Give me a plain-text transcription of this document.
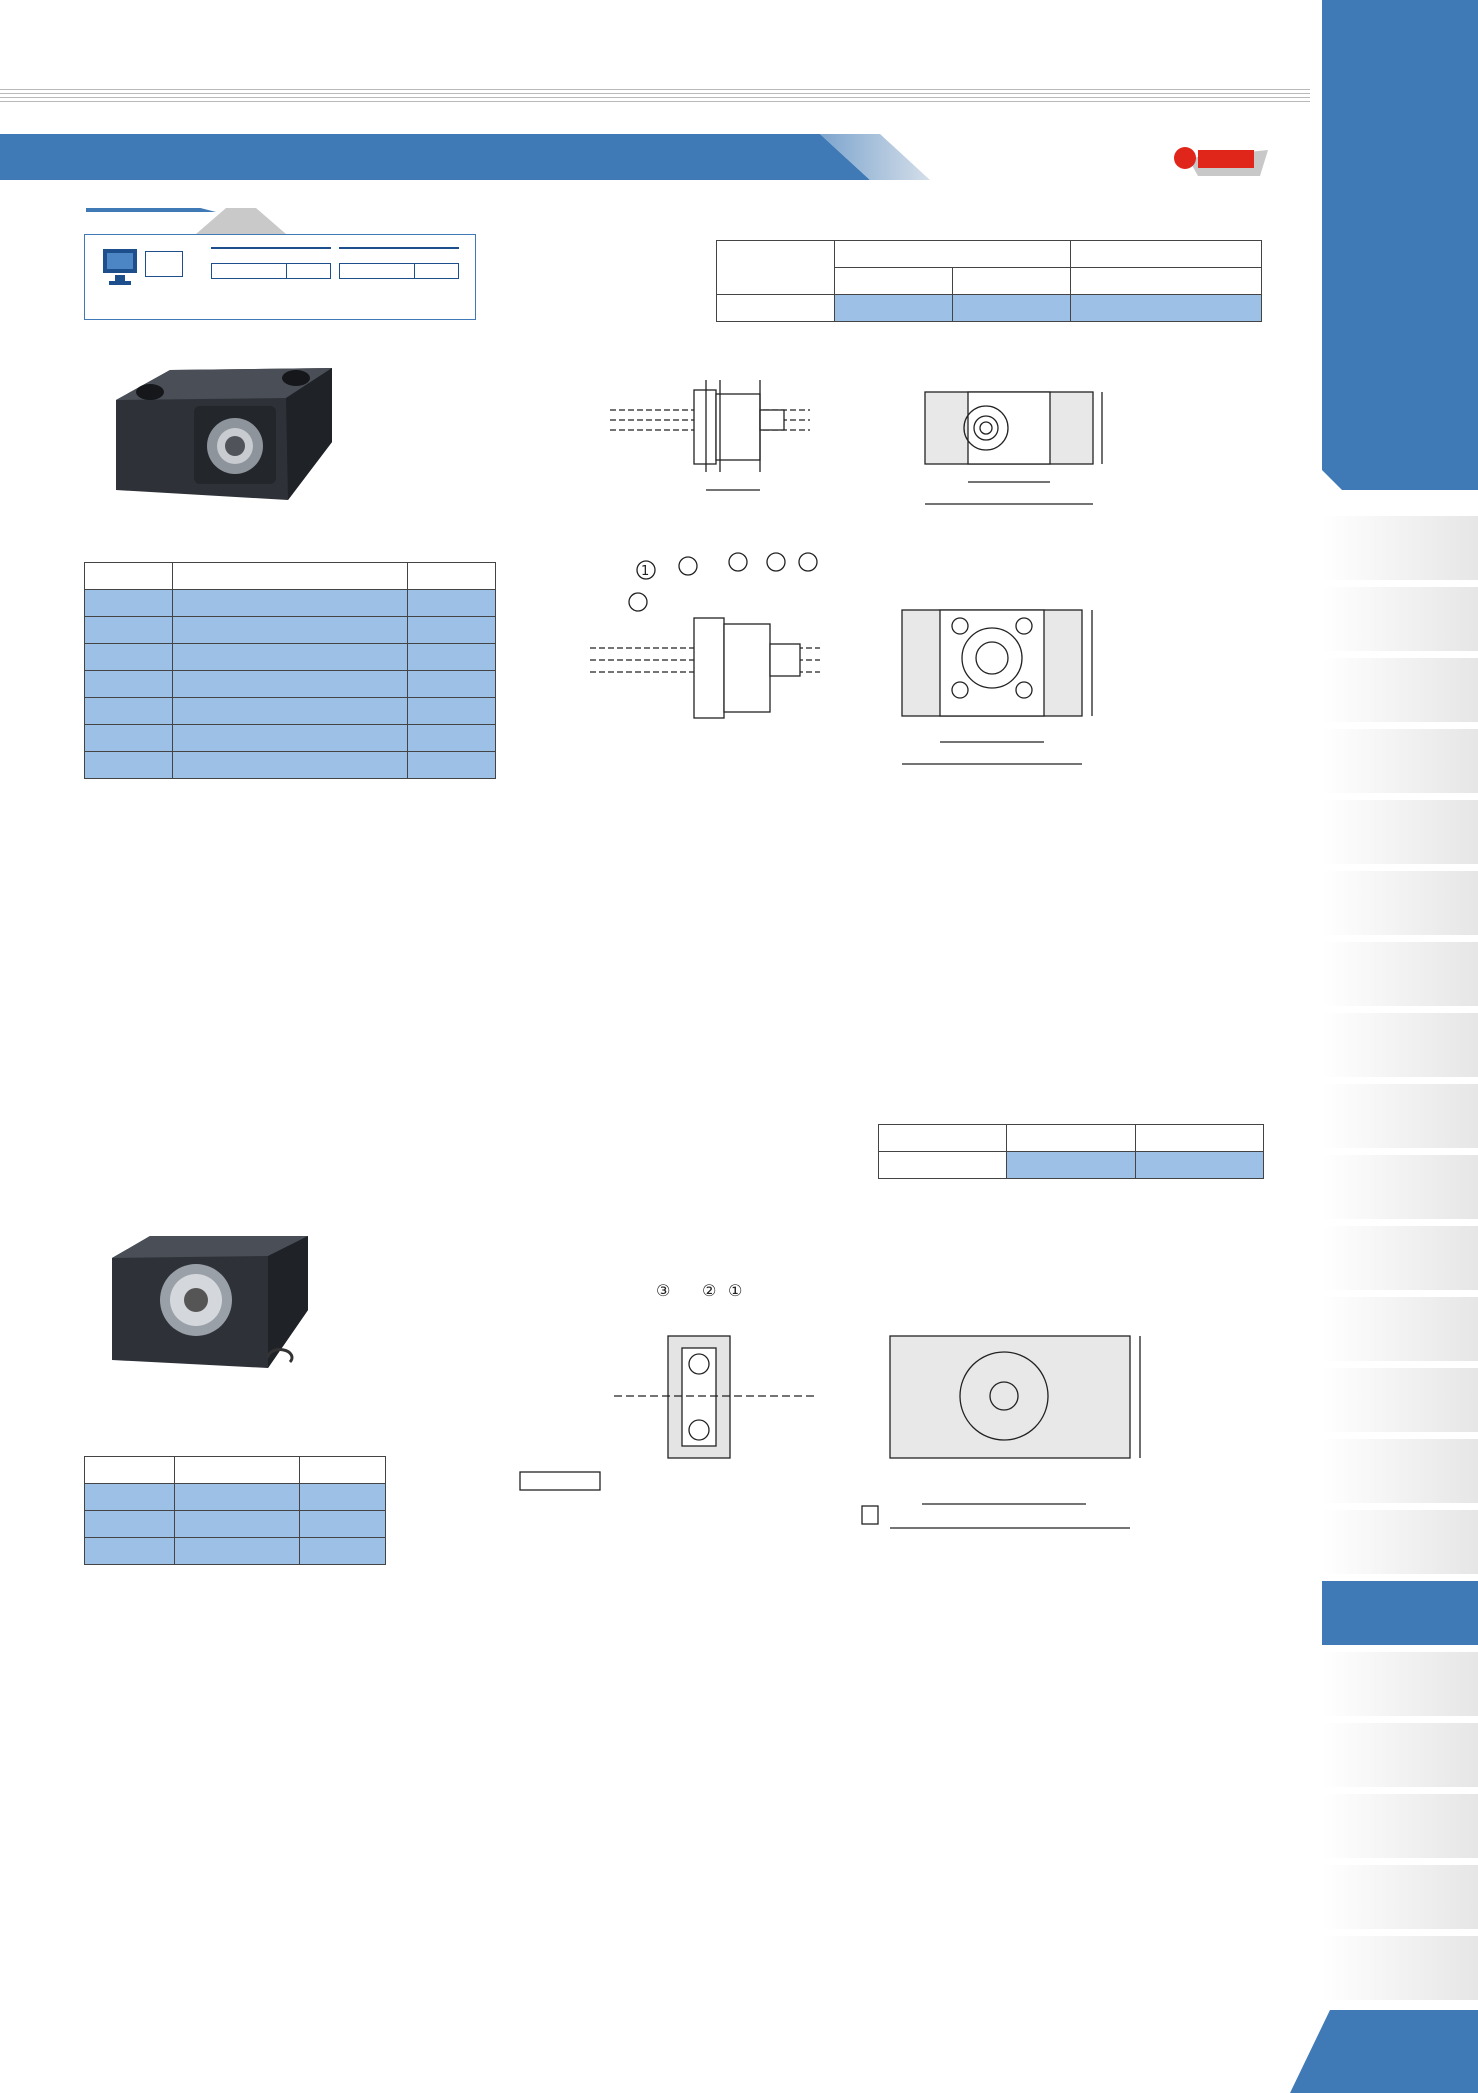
1

③ ② ①
